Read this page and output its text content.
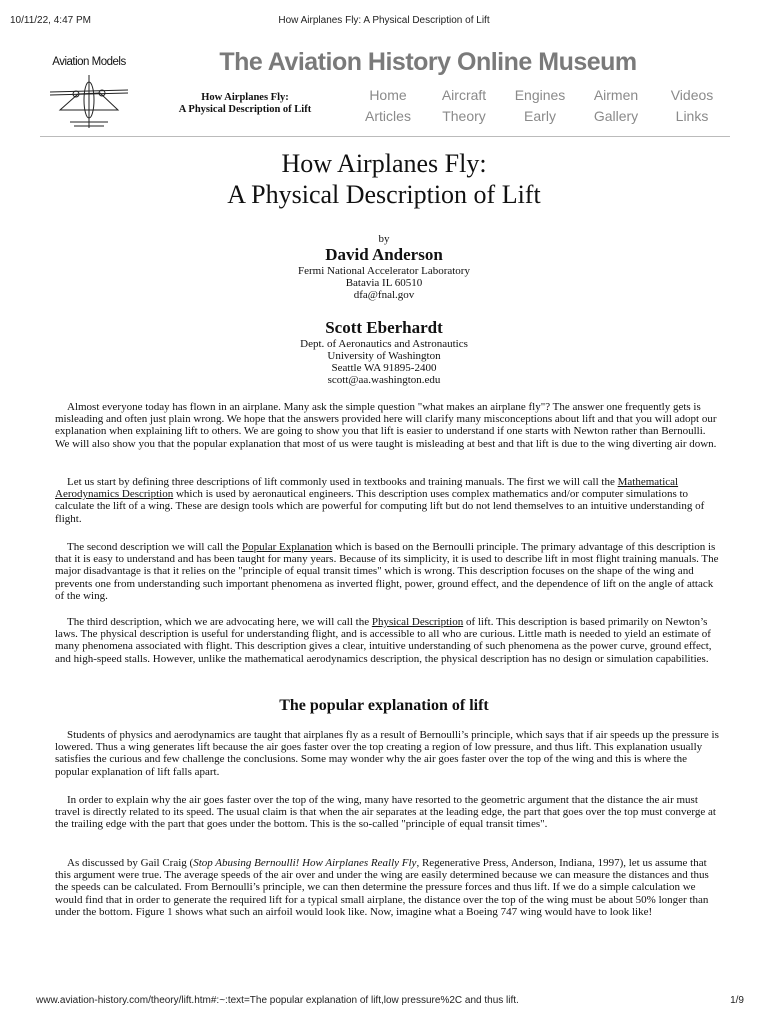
10/11/22, 4:47 PM	How Airplanes Fly: A Physical Description of Lift
Aviation Models	The Aviation History Online Museum
How Airplanes Fly:
A Physical Description of Lift
Home	Aircraft	Engines	Airmen	Videos
Articles	Theory	Early	Gallery	Links
How Airplanes Fly:
A Physical Description of Lift
by
David Anderson
Fermi National Accelerator Laboratory
Batavia IL 60510
dfa@fnal.gov
Scott Eberhardt
Dept. of Aeronautics and Astronautics
University of Washington
Seattle WA 91895-2400
scott@aa.washington.edu

Almost everyone today has flown in an airplane. Many ask the simple question "what makes an airplane fly"? The answer one frequently gets is misleading and often just plain wrong. We hope that the answers provided here will clarify many misconceptions about lift and that you will adopt our explanation when explaining lift to others. We are going to show you that lift is easier to understand if one starts with Newton rather than Bernoulli. We will also show you that the popular explanation that most of us were taught is misleading at best and that lift is due to the wing diverting air down.

Let us start by defining three descriptions of lift commonly used in textbooks and training manuals. The first we will call the Mathematical Aerodynamics Description which is used by aeronautical engineers. This description uses complex mathematics and/or computer simulations to calculate the lift of a wing. These are design tools which are powerful for computing lift but do not lend themselves to an intuitive understanding of flight.

The second description we will call the Popular Explanation which is based on the Bernoulli principle. The primary advantage of this description is that it is easy to understand and has been taught for many years. Because of its simplicity, it is used to describe lift in most flight training manuals. The major disadvantage is that it relies on the "principle of equal transit times" which is wrong. This description focuses on the shape of the wing and prevents one from understanding such important phenomena as inverted flight, power, ground effect, and the dependence of lift on the angle of attack of the wing.

The third description, which we are advocating here, we will call the Physical Description of lift. This description is based primarily on Newton’s laws. The physical description is useful for understanding flight, and is accessible to all who are curious. Little math is needed to yield an estimate of many phenomena associated with flight. This description gives a clear, intuitive understanding of such phenomena as the power curve, ground effect, and high-speed stalls. However, unlike the mathematical aerodynamics description, the physical description has no design or simulation capabilities.

The popular explanation of lift

Students of physics and aerodynamics are taught that airplanes fly as a result of Bernoulli’s principle, which says that if air speeds up the pressure is lowered. Thus a wing generates lift because the air goes faster over the top creating a region of low pressure, and thus lift. This explanation usually satisfies the curious and few challenge the conclusions. Some may wonder why the air goes faster over the top of the wing and this is where the popular explanation of lift falls apart.

In order to explain why the air goes faster over the top of the wing, many have resorted to the geometric argument that the distance the air must travel is directly related to its speed. The usual claim is that when the air separates at the leading edge, the part that goes over the top must converge at the trailing edge with the part that goes under the bottom. This is the so-called "principle of equal transit times".

As discussed by Gail Craig (Stop Abusing Bernoulli! How Airplanes Really Fly, Regenerative Press, Anderson, Indiana, 1997), let us assume that this argument were true. The average speeds of the air over and under the wing are easily determined because we can measure the distances and thus the speeds can be calculated. From Bernoulli’s principle, we can then determine the pressure forces and thus lift. If we do a simple calculation we would find that in order to generate the required lift for a typical small airplane, the distance over the top of the wing must be about 50% longer than under the bottom. Figure 1 shows what such an airfoil would look like. Now, imagine what a Boeing 747 wing would have to look like!

www.aviation-history.com/theory/lift.htm#:~:text=The popular explanation of lift,low pressure%2C and thus lift.	1/9
